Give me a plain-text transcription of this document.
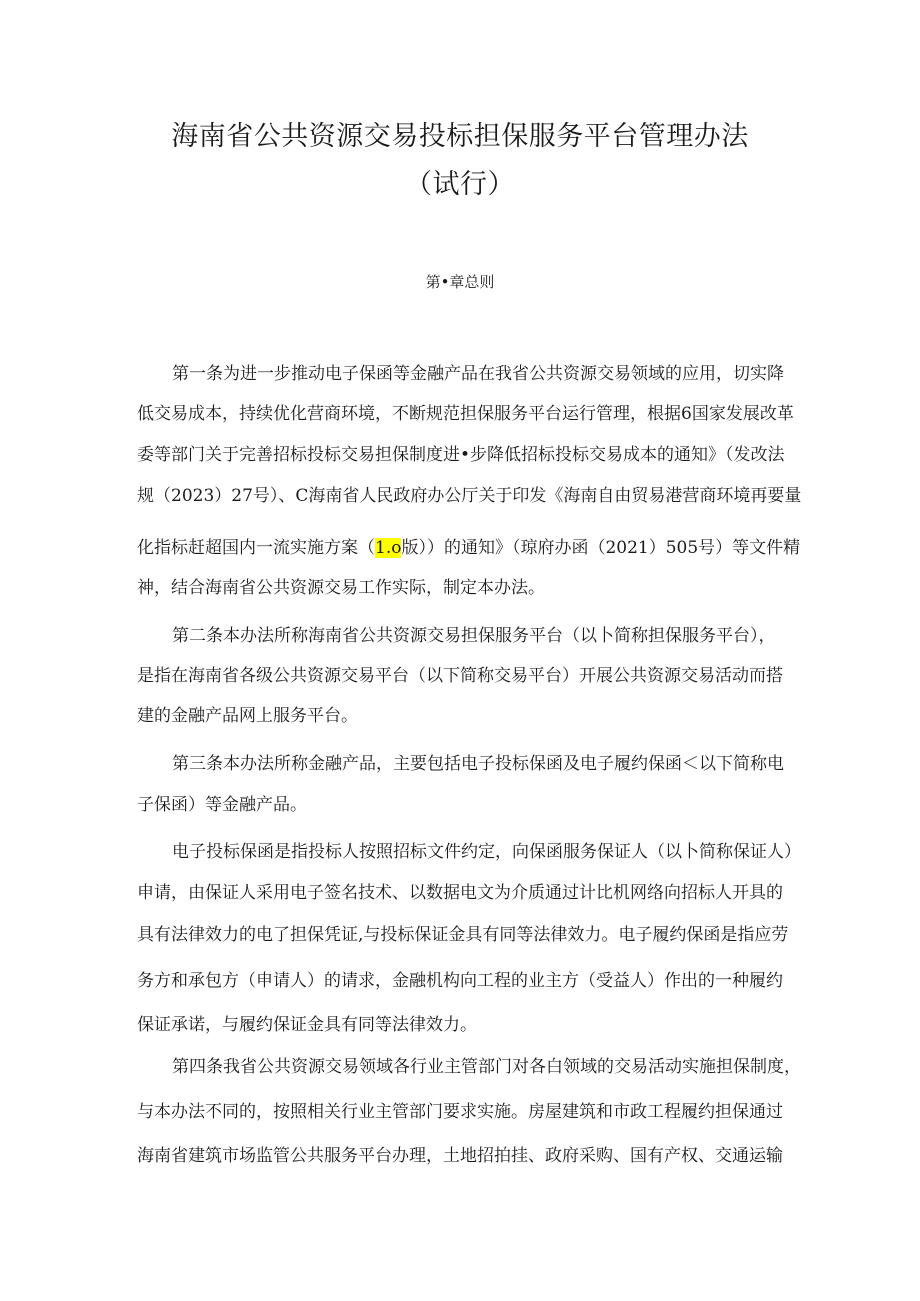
海南省公共资源交易投标担保服务平台管理办法
（试行）
第•章总则
第一条为进一步推动电子保函等金融产品在我省公共资源交易领域的应用，切实降
低交易成本，持续优化营商环境，不断规范担保服务平台运行管理，根据6国家发展改革
委等部门关于完善招标投标交易担保制度进•步降低招标投标交易成本的通知》（发改法
规（2023）27号）、C海南省人民政府办公厅关于印发《海南自由贸易港营商环境再要量
化指标赶超国内一流实施方案（1.o版））的通知》（琼府办函（2021）505号）等文件精
神，结合海南省公共资源交易工作实际，制定本办法。
第二条本办法所称海南省公共资源交易担保服务平台（以卜简称担保服务平台），
是指在海南省各级公共资源交易平台（以下简称交易平台）开展公共资源交易活动而搭
建的金融产品网上服务平台。
第三条本办法所称金融产品，主要包括电子投标保函及电子履约保函＜以下简称电
子保函）等金融产品。
电子投标保函是指投标人按照招标文件约定，向保函服务保证人（以卜简称保证人）
申请，由保证人采用电子签名技术、以数据电文为介质通过计比机网络向招标人开具的
具有法律效力的电了担保凭证,与投标保证金具有同等法律效力。电子履约保函是指应劳
务方和承包方（申请人）的请求，金融机构向工程的业主方（受益人）作出的一种履约
保证承诺，与履约保证金具有同等法律效力。
第四条我省公共资源交易领域各行业主管部门对各白领域的交易活动实施担保制度，
与本办法不同的，按照相关行业主管部门要求实施。房屋建筑和市政工程履约担保通过
海南省建筑市场监管公共服务平台办理，土地招拍挂、政府采购、国有产权、交通运输
